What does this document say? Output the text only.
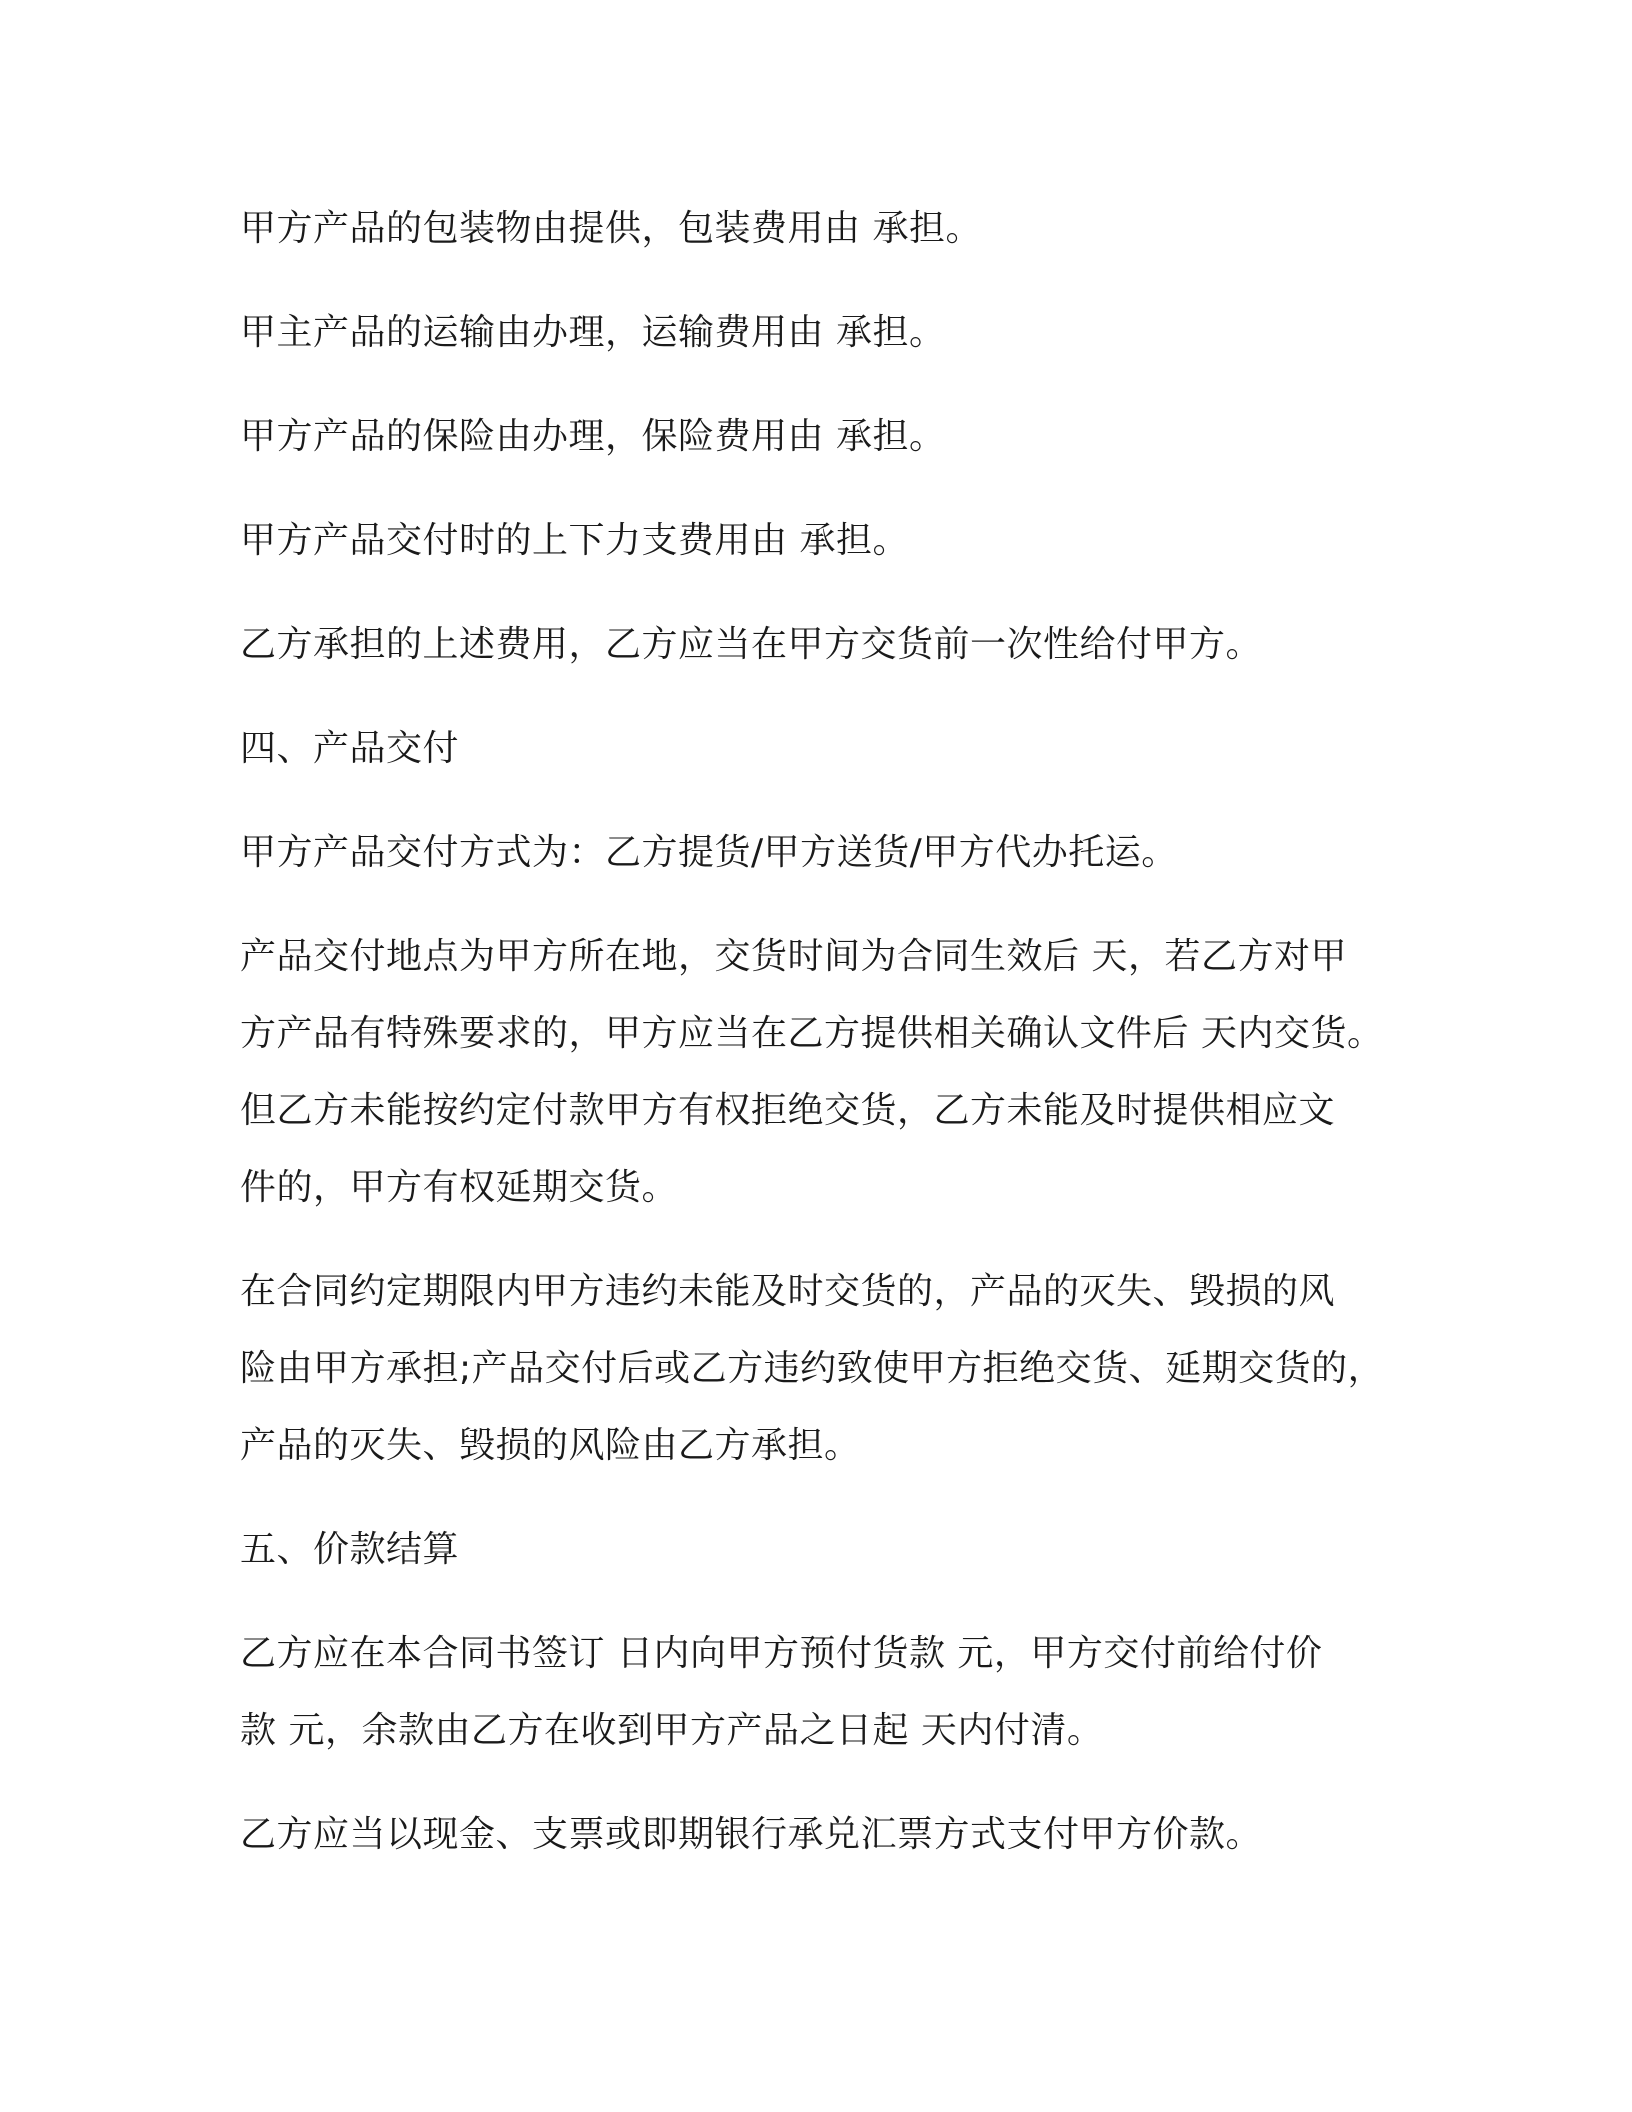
甲方产品的包装物由提供，包装费用由 承担。

甲主产品的运输由办理，运输费用由 承担。

甲方产品的保险由办理，保险费用由 承担。

甲方产品交付时的上下力支费用由 承担。

乙方承担的上述费用，乙方应当在甲方交货前一次性给付甲方。

四、产品交付

甲方产品交付方式为：乙方提货/甲方送货/甲方代办托运。

产品交付地点为甲方所在地，交货时间为合同生效后 天，若乙方对甲
方产品有特殊要求的，甲方应当在乙方提供相关确认文件后 天内交货。
但乙方未能按约定付款甲方有权拒绝交货，乙方未能及时提供相应文
件的，甲方有权延期交货。

在合同约定期限内甲方违约未能及时交货的，产品的灭失、毁损的风
险由甲方承担;产品交付后或乙方违约致使甲方拒绝交货、延期交货的，
产品的灭失、毁损的风险由乙方承担。

五、价款结算

乙方应在本合同书签订 日内向甲方预付货款 元，甲方交付前给付价
款 元，余款由乙方在收到甲方产品之日起 天内付清。

乙方应当以现金、支票或即期银行承兑汇票方式支付甲方价款。
